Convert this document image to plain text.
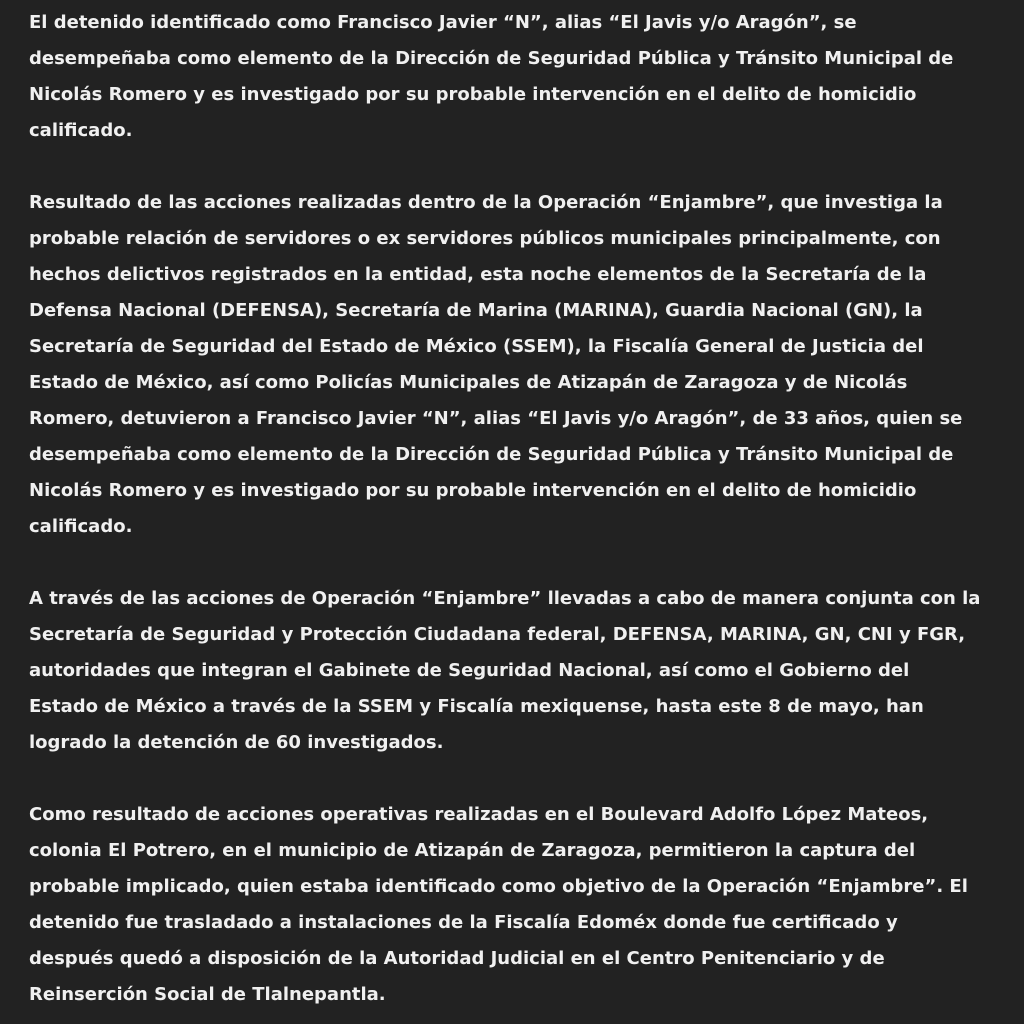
El detenido identificado como Francisco Javier “N”, alias “El Javis y/o Aragón”, se desempeñaba como elemento de la Dirección de Seguridad Pública y Tránsito Municipal de Nicolás Romero y es investigado por su probable intervención en el delito de homicidio calificado.

Resultado de las acciones realizadas dentro de la Operación “Enjambre”, que investiga la probable relación de servidores o ex servidores públicos municipales principalmente, con hechos delictivos registrados en la entidad, esta noche elementos de la Secretaría de la Defensa Nacional (DEFENSA), Secretaría de Marina (MARINA), Guardia Nacional (GN), la Secretaría de Seguridad del Estado de México (SSEM), la Fiscalía General de Justicia del Estado de México, así como Policías Municipales de Atizapán de Zaragoza y de Nicolás Romero, detuvieron a Francisco Javier “N”, alias “El Javis y/o Aragón”, de 33 años, quien se desempeñaba como elemento de la Dirección de Seguridad Pública y Tránsito Municipal de Nicolás Romero y es investigado por su probable intervención en el delito de homicidio calificado.

A través de las acciones de Operación “Enjambre” llevadas a cabo de manera conjunta con la Secretaría de Seguridad y Protección Ciudadana federal, DEFENSA, MARINA, GN, CNI y FGR, autoridades que integran el Gabinete de Seguridad Nacional, así como el Gobierno del Estado de México a través de la SSEM y Fiscalía mexiquense, hasta este 8 de mayo, han logrado la detención de 60 investigados.

Como resultado de acciones operativas realizadas en el Boulevard Adolfo López Mateos, colonia El Potrero, en el municipio de Atizapán de Zaragoza, permitieron la captura del probable implicado, quien estaba identificado como objetivo de la Operación “Enjambre”. El detenido fue trasladado a instalaciones de la Fiscalía Edoméx donde fue certificado y después quedó a disposición de la Autoridad Judicial en el Centro Penitenciario y de Reinserción Social de Tlalnepantla.
